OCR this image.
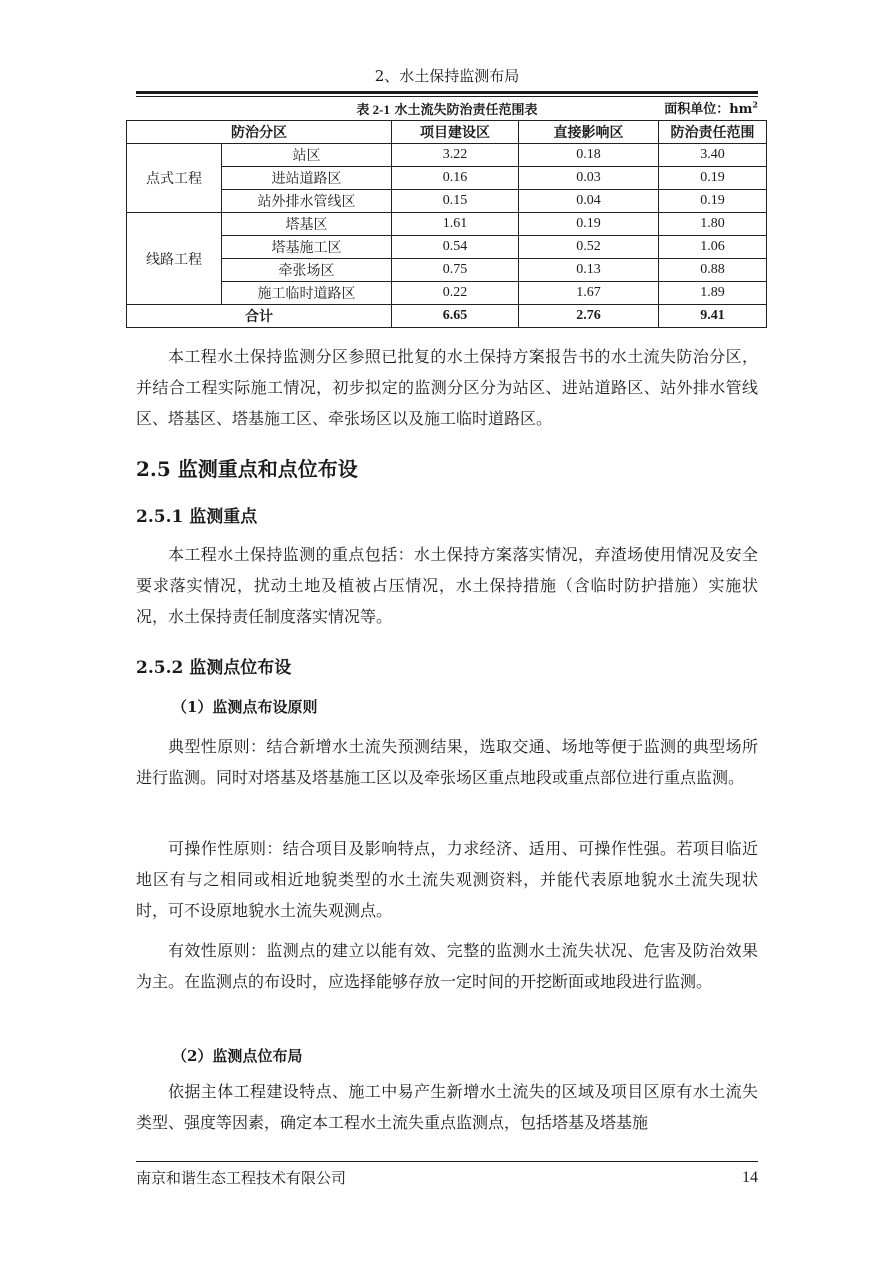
2、水土保持监测布局
表 2-1 水土流失防治责任范围表	面积单位：$hm^2$
防治分区		项目建设区	直接影响区	防治责任范围
点式工程	站区	3.22	0.18	3.40
	进站道路区	0.16	0.03	0.19
	站外排水管线区	0.15	0.04	0.19
线路工程	塔基区	1.61	0.19	1.80
	塔基施工区	0.54	0.52	1.06
	牵张场区	0.75	0.13	0.88
	施工临时道路区	0.22	1.67	1.89
合计		6.65	2.76	9.41

本工程水土保持监测分区参照已批复的水土保持方案报告书的水土流失防治分区，并结合工程实际施工情况，初步拟定的监测分区分为站区、进站道路区、站外排水管线区、塔基区、塔基施工区、牵张场区以及施工临时道路区。

2.5 监测重点和点位布设
2.5.1 监测重点

本工程水土保持监测的重点包括：水土保持方案落实情况，弃渣场使用情况及安全要求落实情况，扰动土地及植被占压情况，水土保持措施（含临时防护措施）实施状况，水土保持责任制度落实情况等。

2.5.2 监测点位布设
（1）监测点布设原则

典型性原则：结合新增水土流失预测结果，选取交通、场地等便于监测的典型场所进行监测。同时对塔基及塔基施工区以及牵张场区重点地段或重点部位进行重点监测。

可操作性原则：结合项目及影响特点，力求经济、适用、可操作性强。若项目临近地区有与之相同或相近地貌类型的水土流失观测资料，并能代表原地貌水土流失现状时，可不设原地貌水土流失观测点。

有效性原则：监测点的建立以能有效、完整的监测水土流失状况、危害及防治效果为主。在监测点的布设时，应选择能够存放一定时间的开挖断面或地段进行监测。

（2）监测点位布局

依据主体工程建设特点、施工中易产生新增水土流失的区域及项目区原有水土流失类型、强度等因素，确定本工程水土流失重点监测点，包括塔基及塔基施

南京和谐生态工程技术有限公司	14
